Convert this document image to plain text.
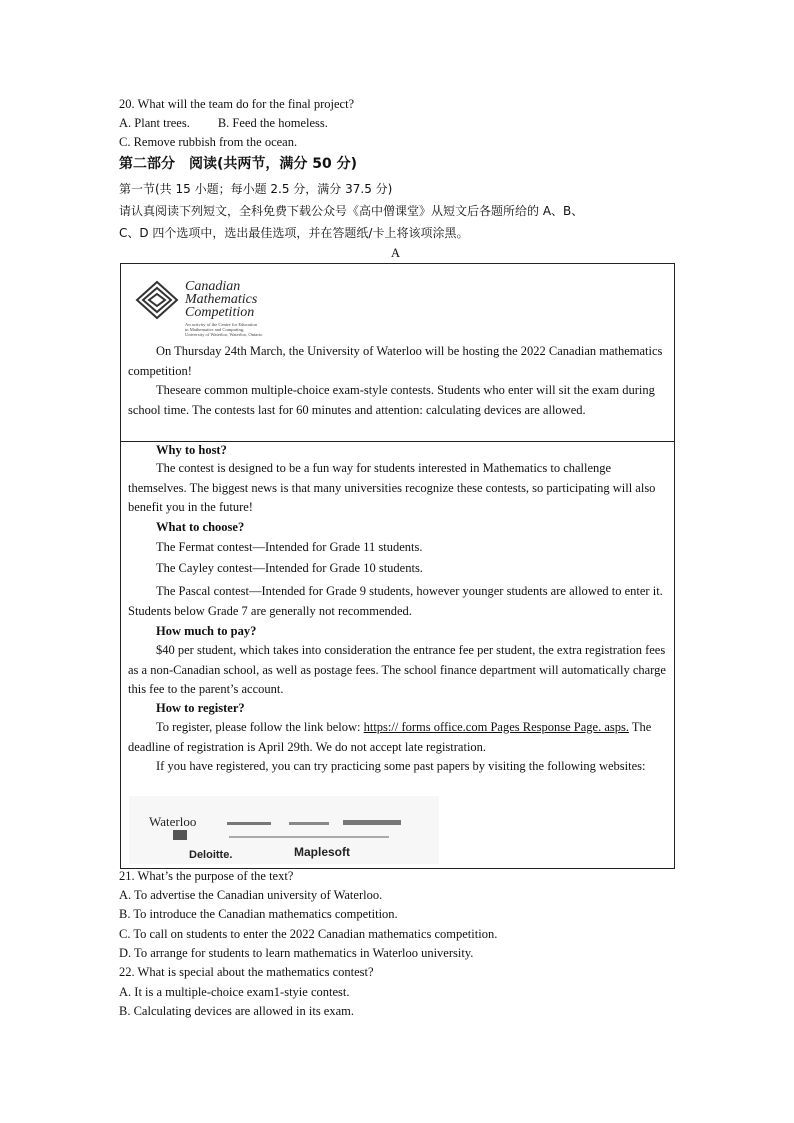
20. What will the team do for the final project?
A. Plant trees. B. Feed the homeless.
C. Remove rubbish from the ocean.
第二部分　阅读(共两节，满分 50 分)
第一节(共 15 小题；每小题 2.5 分，满分 37.5 分)
请认真阅读下列短文，全科免费下载公众号《高中僧课堂》从短文后各题所给的 A、B、
C、D 四个选项中，选出最佳选项，并在答题纸/卡上将该项涂黑。
A
Canadian
Mathematics
Competition
An activity of the Centre for Education
in Mathematics and Computing,
University of Waterloo, Waterloo, Ontario
On Thursday 24th March, the University of Waterloo will be hosting the 2022 Canadian mathematics competition!
Theseare common multiple-choice exam-style contests. Students who enter will sit the exam during school time. The contests last for 60 minutes and attention: calculating devices are allowed.
Why to host?
The contest is designed to be a fun way for students interested in Mathematics to challenge themselves. The biggest news is that many universities recognize these contests, so participating will also benefit you in the future!
What to choose?
The Fermat contest—Intended for Grade 11 students.
The Cayley contest—Intended for Grade 10 students.
The Pascal contest—Intended for Grade 9 students, however younger students are allowed to enter it. Students below Grade 7 are generally not recommended.
How much to pay?
$40 per student, which takes into consideration the entrance fee per student, the extra registration fees as a non-Canadian school, as well as postage fees. The school finance department will automatically charge this fee to the parent’s account.
How to register?
To register, please follow the link below: https:// forms office.com Pages Response Page. asps. The deadline of registration is April 29th. We do not accept late registration.
If you have registered, you can try practicing some past papers by visiting the following websites:
Waterloo
Deloitte.	Maplesoft
21. What’s the purpose of the text?
A. To advertise the Canadian university of Waterloo.
B. To introduce the Canadian mathematics competition.
C. To call on students to enter the 2022 Canadian mathematics competition.
D. To arrange for students to learn mathematics in Waterloo university.
22. What is special about the mathematics contest?
A. It is a multiple-choice exam1-styie contest.
B. Calculating devices are allowed in its exam.
